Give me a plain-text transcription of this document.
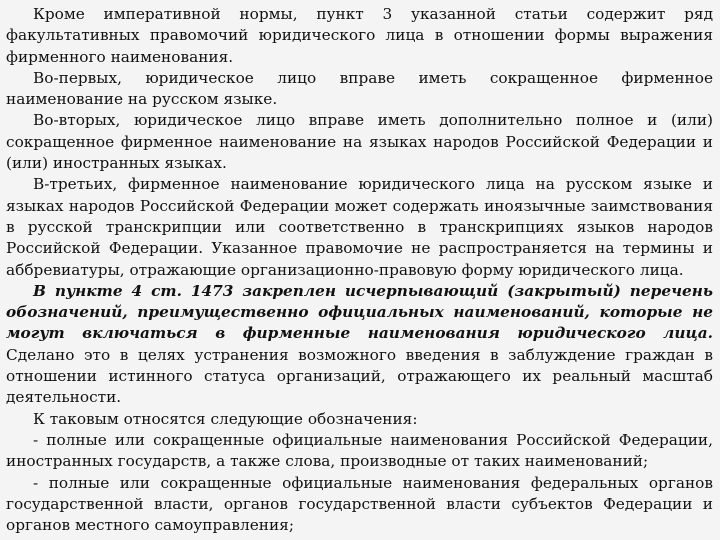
Кроме императивной нормы, пункт 3 указанной статьи содержит ряд факультативных правомочий юридического лица в отношении формы выражения фирменного наименования.

Во-первых, юридическое лицо вправе иметь сокращенное фирменное наименование на русском языке.

Во-вторых, юридическое лицо вправе иметь дополнительно полное и (или) сокращенное фирменное наименование на языках народов Российской Федерации и (или) иностранных языках.

В-третьих, фирменное наименование юридического лица на русском языке и языках народов Российской Федерации может содержать иноязычные заимствования в русской транскрипции или соответственно в транскрипциях языков народов Российской Федерации. Указанное правомочие не распространяется на термины и аббревиатуры, отражающие организационно-правовую форму юридического лица.

В пункте 4 ст. 1473 закреплен исчерпывающий (закрытый) перечень обозначений, преимущественно официальных наименований, которые не могут включаться в фирменные наименования юридического лица. Сделано это в целях устранения возможного введения в заблуждение граждан в отношении истинного статуса организаций, отражающего их реальный масштаб деятельности.

К таковым относятся следующие обозначения:

- полные или сокращенные официальные наименования Российской Федерации, иностранных государств, а также слова, производные от таких наименований;

- полные или сокращенные официальные наименования федеральных органов государственной власти, органов государственной власти субъектов Федерации и органов местного самоуправления;
